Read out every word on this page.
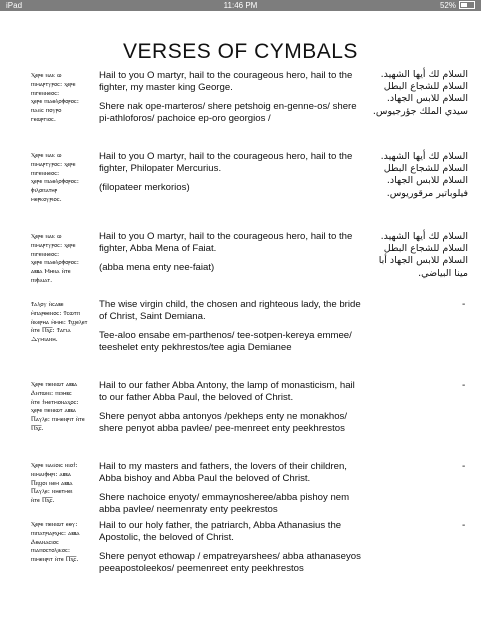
iPad	11:46 PM	52%
VERSES OF CYMBALS
Ⲭⲉⲣⲉ ⲛⲁⲕ ⲱ
ⲡⲓⲙⲁⲣⲧⲩⲣⲟⲥ: ⲭⲉⲣⲉ
ⲡⲓⲅⲉⲛⲛⲉⲟⲥ:
ⲭⲉⲣⲉ ⲡⲓⲁⲑⲗⲟⲫⲟⲣⲟⲥ:
ⲡⲁϭⲥ ⲡⲟⲩⲣⲟ
ⲅⲉⲱⲣⲅⲓⲟⲥ.

Hail to you O martyr, hail to the courageous hero, hail to the fighter, my master king George.

Shere nak ope-marteros/ shere petshoig en-genne-os/ shere pi-athloforos/ pachoice ep-oro georgios /

السلام لك أيها الشهيد. السلام للشجاع البطل السلام للابس الجهاد. سيدي الملك جؤرجيوس.
Ⲭⲉⲣⲉ ⲛⲁⲕ ⲱ
ⲡⲓⲙⲁⲣⲧⲩⲣⲟⲥ: ⲭⲉⲣⲉ
ⲡⲓⲅⲉⲛⲛⲉⲟⲥ:
ⲭⲉⲣⲉ ⲡⲓⲁⲑⲗⲟⲫⲟⲣⲟⲥ:
ⲫⲓⲗⲟⲡⲁⲧⲏⲣ
ⲙⲉⲣⲕⲟⲩⲣⲓⲟⲥ.

Hail to you O martyr, hail to the courageous hero, hail to the fighter, Philopater Mercurius.

(filopateer merkorios)

السلام لك أيها الشهيد. السلام للشجاع البطل السلام للابس الجهاد. فيلوباتير مرقوريوس.
Ⲭⲉⲣⲉ ⲛⲁⲕ ⲱ
ⲡⲓⲙⲁⲣⲧⲩⲣⲟⲥ: ⲭⲉⲣⲉ
ⲡⲓⲅⲉⲛⲛⲉⲟⲥ:
ⲭⲉⲣⲉ ⲡⲓⲁⲑⲗⲟⲫⲟⲣⲟⲥ:
ⲁⲃⲃⲁ Ⲙⲏⲛⲁ ⲛ̀ⲧⲉ
ⲡⲓⲫⲁⲓⲁⲧ.

Hail to you O martyr, hail to the courageous hero, hail to the fighter, Abba Mena of Faiat.

(abba mena enty nee-faiat)

السلام لك أيها الشهيد. السلام للشجاع البطل السلام للابس الجهاد أبا مينا البياضي.
Ϯⲁⲗⲟⲩ ⲛ̀ⲥⲁⲃⲉ
ⲙ̀ⲡⲁⲣⲑⲉⲛⲟⲥ: Ϯⲥⲱⲧⲡ
ⲛ̀ⲕⲉⲣⲏⲁ ⲙ̀ⲙⲏⲓ: Ϯϣⲉⲗⲉⲧ
ⲛ̀ⲧⲉ Ⲡⲭ̅ⲥ̅: Ϯⲁⲅⲓⲁ
Ⲇⲩⲙⲓⲁⲛⲏ.

The wise virgin child, the chosen and righteous lady, the bride of Christ, Saint Demiana.

Tee-aloo ensabe em-parthenos/ tee-sotpen-kereya emmee/ teeshelet enty pekhrestos/tee agia Demianee

-
Ⲭⲉⲣⲉ ⲡⲉⲛⲓⲱⲧ ⲁⲃⲃⲁ
Ⲁⲛⲧⲱⲛⲓ: ⲡⲓϧⲏⲃⲥ
ⲛ̀ⲧⲉ ϯⲙⲉⲧⲙⲟⲛⲁⲭⲟⲥ:
ⲭⲉⲣⲉ ⲡⲉⲛⲓⲱⲧ ⲁⲃⲃⲁ
Ⲡⲁⲩⲗⲉ: ⲡⲓⲙⲉⲛⲣⲓⲧ ⲛ̀ⲧⲉ
Ⲡⲭ̅ⲥ̅.

Hail to our father Abba Antony, the lamp of monasticism, hail to our father Abba Paul, the beloved of Christ.

Shere penyot abba antonyos /pekheps enty ne monakhos/ shere penyot abba pavlee/ pee-menreet enty peekhrestos

-
Ⲭⲉⲣⲉ ⲛⲁϭⲟⲓⲥ ⲛⲓⲟϯ:
ⲛⲓⲙⲁⲓⲫⲏⲣⲓ: ⲁⲃⲃⲁ
Ⲡⲓϣⲟⲓ ⲛⲉⲙ ⲁⲃⲃⲁ
Ⲡⲁⲩⲗⲉ: ⲛⲏⲉⲧⲙⲉⲓ
ⲛ̀ⲧⲉ Ⲡⲭ̅ⲥ̅.

Hail to my masters and fathers, the lovers of their children, Abba bishoy and Abba Paul the beloved of Christ.

Shere nachoice enyoty/ emmaynosheree/abba pishoy nem abba pavlee/ neemenraty enty peekrestos

-
Ⲭⲉⲣⲉ ⲡⲉⲛⲓⲱⲧ ⲉⲑⲩ:
ⲡⲓⲡⲁⲧⲣⲓⲁⲣⲭⲏⲥ: ⲁⲃⲃⲁ
Ⲁⲑⲁⲛⲁⲥⲓⲟⲥ
ⲡⲓⲁⲡⲟⲥⲧⲟⲗⲓⲕⲟⲥ:
ⲡⲓⲙⲉⲛⲣⲓⲧ ⲛ̀ⲧⲉ Ⲡⲭ̅ⲥ̅.

Hail to our holy father, the patriarch, Abba Athanasius the Apostolic, the beloved of Christ.

Shere penyot ethowap / empatreyarshees/ abba athanaseyos peeapostoleekos/ peemenreet enty peekhrestos

-
